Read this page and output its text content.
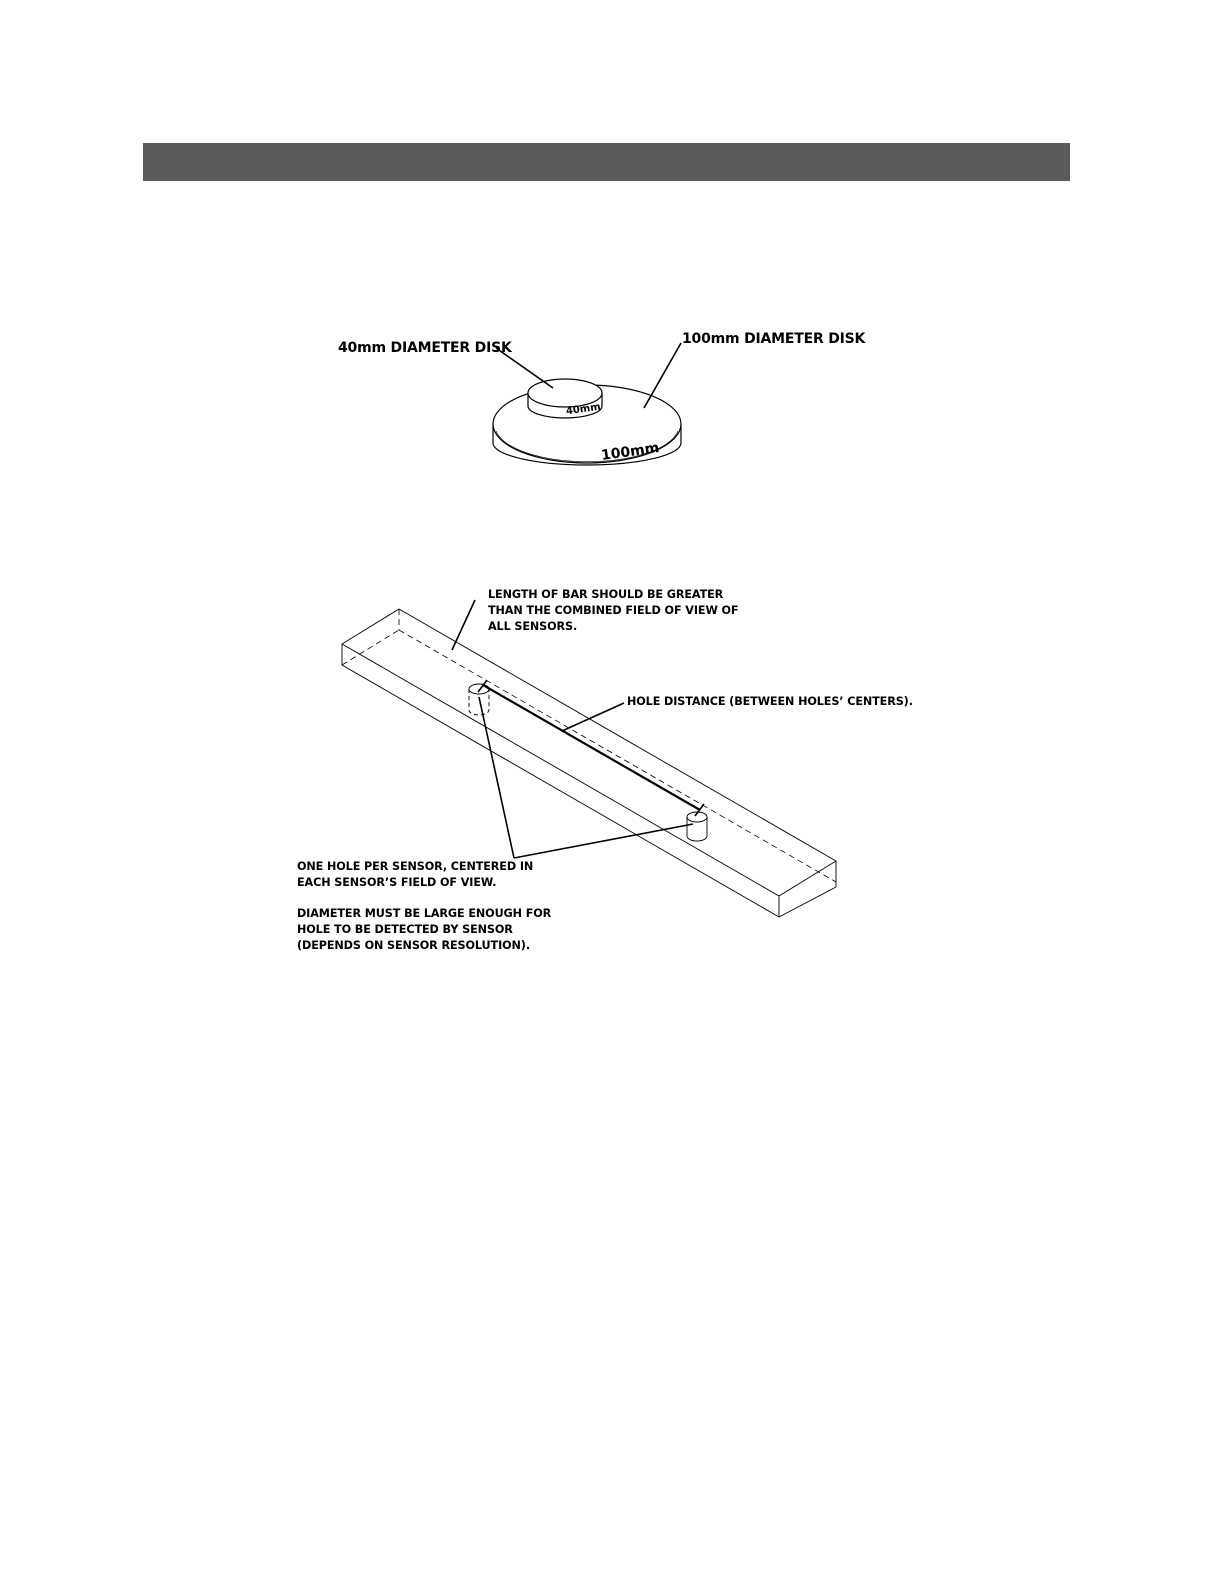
40mm DIAMETER DISK
100mm DIAMETER DISK
40mm
100mm
LENGTH OF BAR SHOULD BE GREATER
THAN THE COMBINED FIELD OF VIEW OF
ALL SENSORS.
HOLE DISTANCE (BETWEEN HOLES’ CENTERS).
ONE HOLE PER SENSOR, CENTERED IN
EACH SENSOR’S FIELD OF VIEW.
DIAMETER MUST BE LARGE ENOUGH FOR
HOLE TO BE DETECTED BY SENSOR
(DEPENDS ON SENSOR RESOLUTION).
